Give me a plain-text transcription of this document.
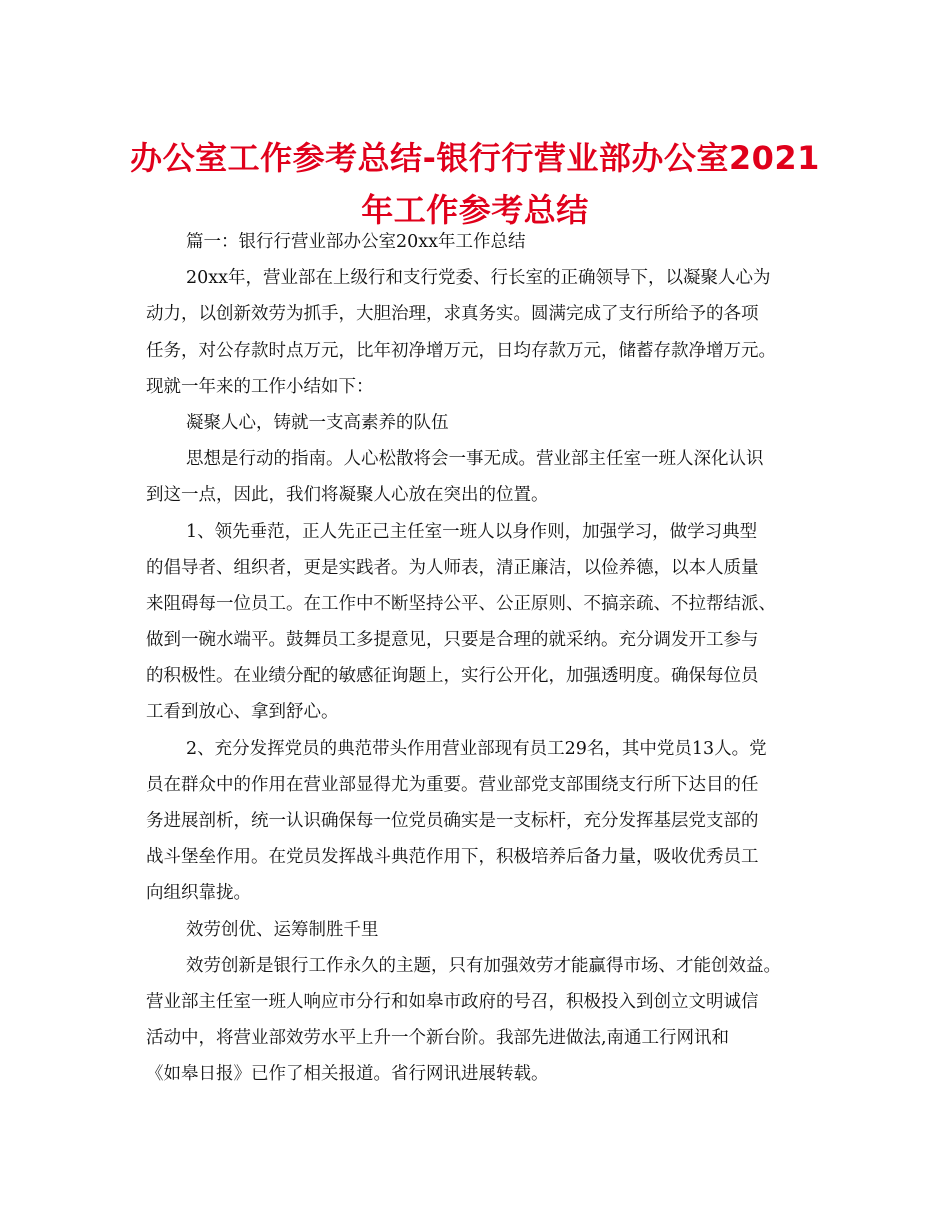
办公室工作参考总结-银行行营业部办公室2021
年工作参考总结
篇一：银行行营业部办公室20xx年工作总结
20xx年，营业部在上级行和支行党委、行长室的正确领导下，以凝聚人心为
动力，以创新效劳为抓手，大胆治理，求真务实。圆满完成了支行所给予的各项
任务，对公存款时点万元，比年初净增万元，日均存款万元，储蓄存款净增万元。
现就一年来的工作小结如下：
凝聚人心，铸就一支高素养的队伍
思想是行动的指南。人心松散将会一事无成。营业部主任室一班人深化认识
到这一点，因此，我们将凝聚人心放在突出的位置。
1、领先垂范，正人先正己主任室一班人以身作则，加强学习，做学习典型
的倡导者、组织者，更是实践者。为人师表，清正廉洁，以俭养德，以本人质量
来阻碍每一位员工。在工作中不断坚持公平、公正原则、不搞亲疏、不拉帮结派、
做到一碗水端平。鼓舞员工多提意见，只要是合理的就采纳。充分调发开工参与
的积极性。在业绩分配的敏感征询题上，实行公开化，加强透明度。确保每位员
工看到放心、拿到舒心。
2、充分发挥党员的典范带头作用营业部现有员工29名，其中党员13人。党
员在群众中的作用在营业部显得尤为重要。营业部党支部围绕支行所下达目的任
务进展剖析，统一认识确保每一位党员确实是一支标杆，充分发挥基层党支部的
战斗堡垒作用。在党员发挥战斗典范作用下，积极培养后备力量，吸收优秀员工
向组织靠拢。
效劳创优、运筹制胜千里
效劳创新是银行工作永久的主题，只有加强效劳才能赢得市场、才能创效益。
营业部主任室一班人响应市分行和如皋市政府的号召，积极投入到创立文明诚信
活动中，将营业部效劳水平上升一个新台阶。我部先进做法,南通工行网讯和
《如皋日报》已作了相关报道。省行网讯进展转载。
